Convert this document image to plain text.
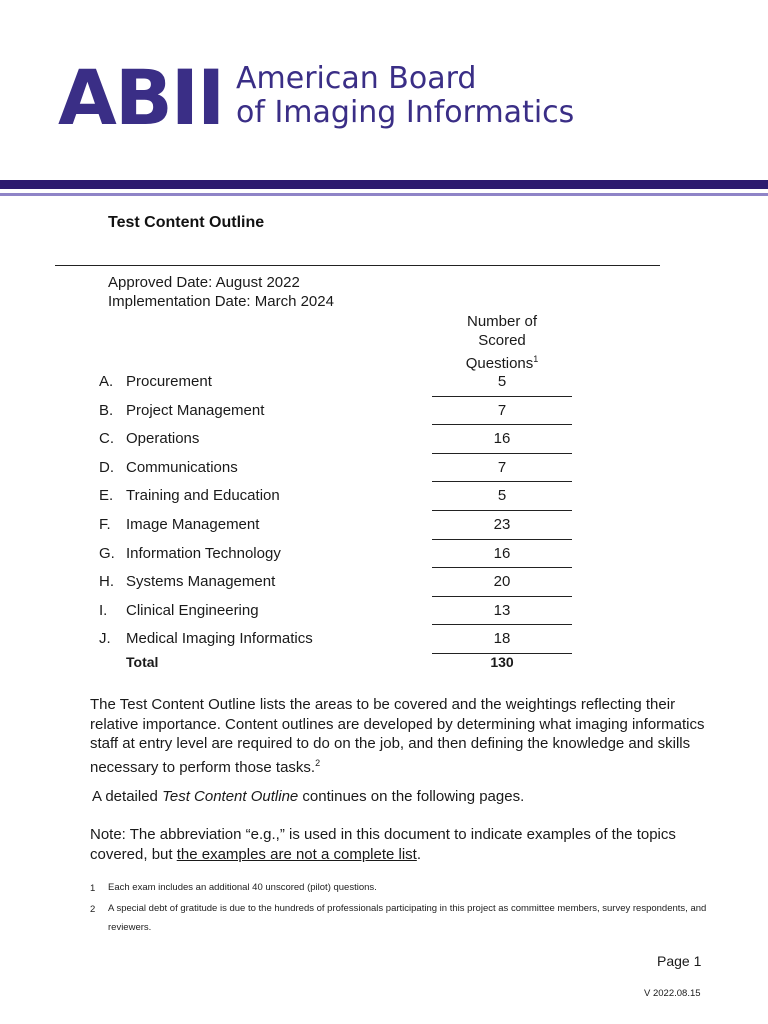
ABII American Board
of Imaging Informatics
Test Content Outline
Approved Date: August 2022
Implementation Date: March 2024
Number of
Scored
Questions$^1$
A. Procurement	5
B. Project Management	7
C. Operations	16
D. Communications	7
E. Training and Education	5
F. Image Management	23
G. Information Technology	16
H. Systems Management	20
I. Clinical Engineering	13
J. Medical Imaging Informatics	18
Total	130
The Test Content Outline lists the areas to be covered and the weightings reflecting their relative importance. Content outlines are developed by determining what imaging informatics staff at entry level are required to do on the job, and then defining the knowledge and skills necessary to perform those tasks.$^2$
A detailed Test Content Outline continues on the following pages.
Note: The abbreviation “e.g.,” is used in this document to indicate examples of the topics covered, but the examples are not a complete list.
1 Each exam includes an additional 40 unscored (pilot) questions.
2 A special debt of gratitude is due to the hundreds of professionals participating in this project as committee members, survey respondents, and reviewers.
Page 1
V 2022.08.15
